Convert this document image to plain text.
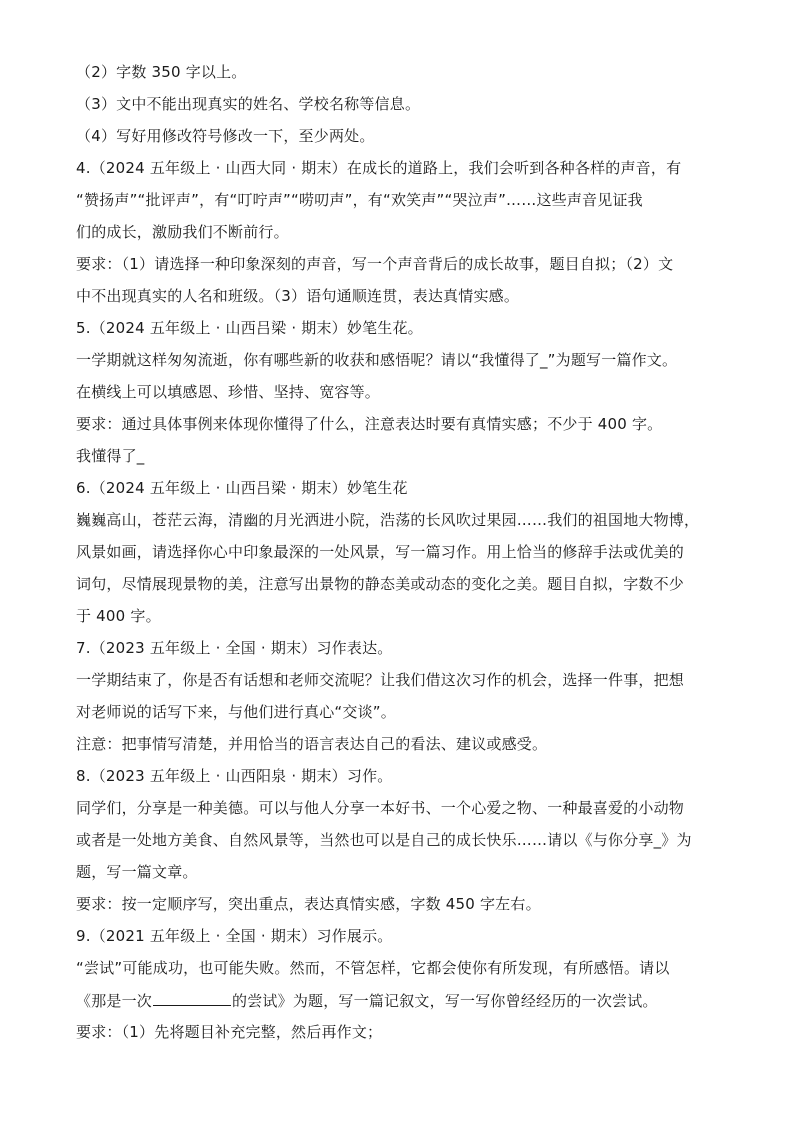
（2）字数 350 字以上。
（3）文中不能出现真实的姓名、学校名称等信息。
（4）写好用修改符号修改一下，至少两处。
4.（2024 五年级上 · 山西大同 · 期末）在成长的道路上，我们会听到各种各样的声音，有
“赞扬声”“批评声”，有“叮咛声”“唠叨声”，有“欢笑声”“哭泣声”……这些声音见证我
们的成长，激励我们不断前行。
要求：（1）请选择一种印象深刻的声音，写一个声音背后的成长故事，题目自拟；（2）文
中不出现真实的人名和班级。（3）语句通顺连贯，表达真情实感。
5.（2024 五年级上 · 山西吕梁 · 期末）妙笔生花。
一学期就这样匆匆流逝，你有哪些新的收获和感悟呢？请以“我懂得了_”为题写一篇作文。
在横线上可以填感恩、珍惜、坚持、宽容等。
要求：通过具体事例来体现你懂得了什么，注意表达时要有真情实感；不少于 400 字。
我懂得了_
6.（2024 五年级上 · 山西吕梁 · 期末）妙笔生花
巍巍高山，苍茫云海，清幽的月光洒进小院，浩荡的长风吹过果园……我们的祖国地大物博，
风景如画，请选择你心中印象最深的一处风景，写一篇习作。用上恰当的修辞手法或优美的
词句，尽情展现景物的美，注意写出景物的静态美或动态的变化之美。题目自拟，字数不少
于 400 字。
7.（2023 五年级上 · 全国 · 期末）习作表达。
一学期结束了，你是否有话想和老师交流呢？让我们借这次习作的机会，选择一件事，把想
对老师说的话写下来，与他们进行真心“交谈”。
注意：把事情写清楚，并用恰当的语言表达自己的看法、建议或感受。
8.（2023 五年级上 · 山西阳泉 · 期末）习作。
同学们，分享是一种美德。可以与他人分享一本好书、一个心爱之物、一种最喜爱的小动物
或者是一处地方美食、自然风景等，当然也可以是自己的成长快乐……请以《与你分享_》为
题，写一篇文章。
要求：按一定顺序写，突出重点，表达真情实感，字数 450 字左右。
9.（2021 五年级上 · 全国 · 期末）习作展示。
“尝试”可能成功，也可能失败。然而，不管怎样，它都会使你有所发现，有所感悟。请以
《那是一次	的尝试》为题，写一篇记叙文，写一写你曾经经历的一次尝试。
要求：（1）先将题目补充完整，然后再作文；
